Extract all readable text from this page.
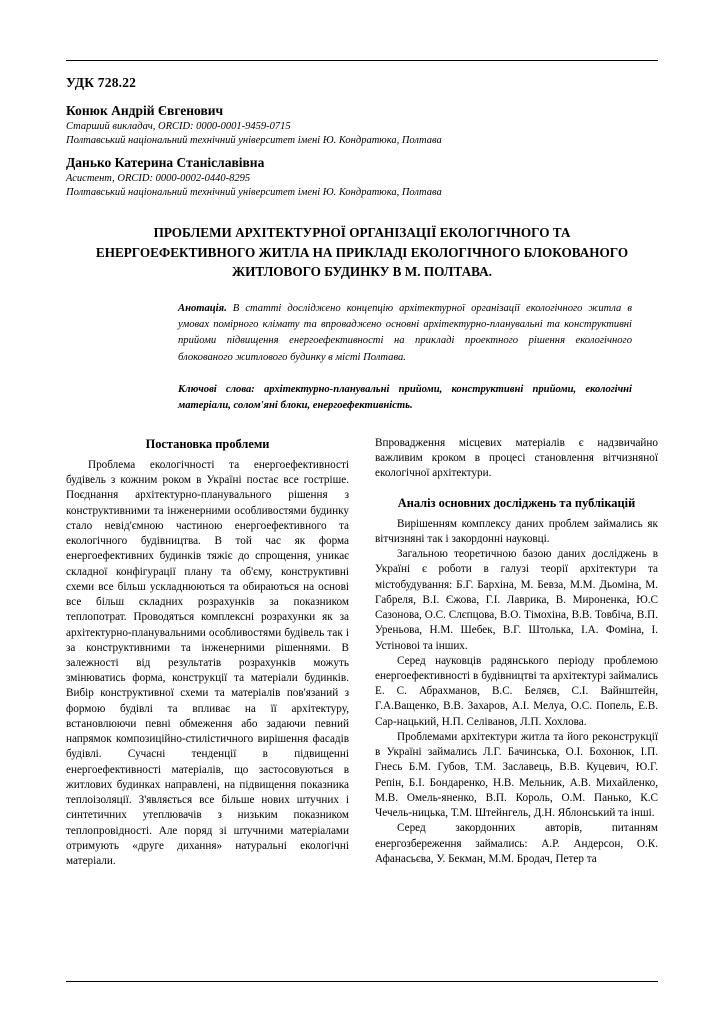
УДК 728.22
Конюк Андрій Євгенович
Старший викладач, ORCID: 0000-0001-9459-0715
Полтавський національний технічний університет імені Ю. Кондратюка, Полтава
Данько Катерина Станіславівна
Асистент, ORCID: 0000-0002-0440-8295
Полтавський національний технічний університет імені Ю. Кондратюка, Полтава
ПРОБЛЕМИ АРХІТЕКТУРНОЇ ОРГАНІЗАЦІЇ ЕКОЛОГІЧНОГО ТА ЕНЕРГОЕФЕКТИВНОГО ЖИТЛА НА ПРИКЛАДІ ЕКОЛОГІЧНОГО БЛОКОВАНОГО ЖИТЛОВОГО БУДИНКУ В М. ПОЛТАВА.
Анотація. В статті досліджено концепцію архітектурної організації екологічного житла в умовах помірного клімату та впроваджено основні архітектурно-планувальні та конструктивні прийоми підвищення енергоефективності на прикладі проектного рішення екологічного блокованого житлового будинку в місті Полтава.
Ключові слова: архітектурно-планувальні прийоми, конструктивні прийоми, екологічні матеріали, солом'яні блоки, енергоефективність.
Постановка проблеми

Проблема екологічності та енергоефективності будівель з кожним роком в Україні постає все гостріше. Поєднання архітектурно-планувального рішення з конструктивними та інженерними особливостями будинку стало невід'ємною частиною енергоефективного та екологічного будівництва. В той час як форма енергоефективних будинків тяжіє до спрощення, уникає складної конфігурації плану та об'єму, конструктивні схеми все більш ускладнюються та обираються на основі все більш складних розрахунків за показником теплопотрат. Проводяться комплексні розрахунки як за архітектурно-планувальними особливостями будівель так і за конструктивними та інженерними рішеннями. В залежності від результатів розрахунків можуть змінюватись форма, конструкції та матеріали будинків. Вибір конструктивної схеми та матеріалів пов'язаний з формою будівлі та впливає на її архітектуру, встановлюючи певні обмеження або задаючи певний напрямок композиційно-стилістичного вирішення фасадів будівлі. Сучасні тенденції в підвищенні енергоефективності матеріалів, що застосовуються в житлових будинках направлені, на підвищення показника теплоізоляції. З'являється все більше нових штучних і синтетичних утеплювачів з низьким показником теплопровідності. Але поряд зі штучними матеріалами отримують «друге дихання» натуральні екологічні матеріали.

Впровадження місцевих матеріалів є надзвичайно важливим кроком в процесі становлення вітчизняної екологічної архітектури.

Аналіз основних досліджень та публікацій

Вирішенням комплексу даних проблем займались як вітчизняні так і закордонні науковці.

Загальною теоретичною базою даних досліджень в Україні є роботи в галузі теорії архітектури та містобудування: Б.Г. Бархіна, М. Бевза, М.М. Дьоміна, М. Габреля, В.І. Єжова, Г.І. Лаврика, В. Мироненка, Ю.С Сазонова, О.С. Слєпцова, В.О. Тімохіна, В.В. Товбіча, В.П. Уреньова, Н.М. Шебек, В.Г. Штолька, І.А. Фоміна, І. Устіновоі та інших.

Серед науковців радянського періоду проблемою енергоефективності в будівництві та архітектурі займались Е. С. Абрахманов, В.С. Беляєв, С.І. Вайнштейн, Г.А.Ващенко, В.В. Захаров, А.І. Мелуа, О.С. Попель, Е.В. Сар-нацький, Н.П. Селіванов, Л.П. Хохлова.

Проблемами архітектури житла та його реконструкції в Україні займались Л.Г. Бачинська, О.І. Бохонюк, І.П. Гнесь Б.М. Губов, Т.М. Заславець, В.В. Куцевич, Ю.Г. Репін, Б.І. Бондаренко, Н.В. Мельник, А.В. Михайленко, М.В. Омель-яненко, В.П. Король, О.М. Панько, К.С Чечель-ницька, Т.М. Штейнгель, Д.Н. Яблонський та інші.

Серед закордонних авторів, питанням енергозбереження займались: А.Р. Андерсон, О.К. Афанасьєва, У. Бекман, М.М. Бродач, Петер та
